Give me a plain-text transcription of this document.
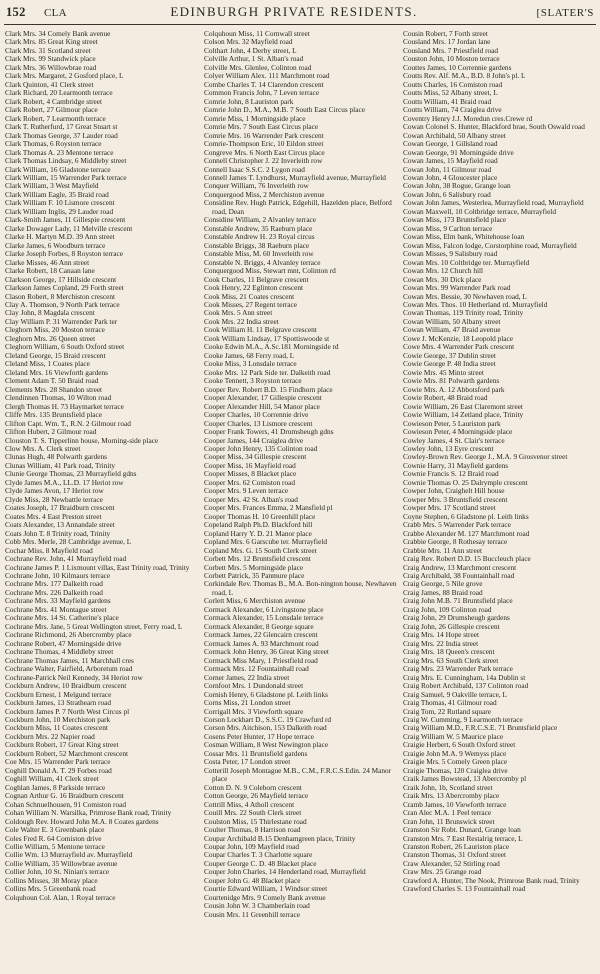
152	CLA	EDINBURGH PRIVATE RESIDENTS.	[SLATER'S
Clark Mrs. 34 Comely Bank avenue
Clark Mrs. 85 Great King street
Clark Mrs. 31 Scotland street
Clark Mrs. 99 Standwick place
Clark Mrs. 36 Willowbrae road
Clark Mrs. Margaret, 2 Gosford place, L
Clark Quinton, 41 Clerk street
Clark Richard, 20 Learmonth terrace
Clark Robert, 4 Cambridge street
Clark Robert, 27 Gilmour place
Clark Robert, 7 Learmonth terrace
Clark T. Rutherfurd, 17 Great Stuart st
Clark Thomas George, 37 Lauder road
Clark Thomas, 6 Royston terrace
Clark Thomas A. 23 Mentone terrace
Clark Thomas Lindsay, 6 Middleby street
Clark William, 16 Gladstone terrace
Clark William, 15 Warrender Park terrace
Clark William, 3 West Mayfield
Clark William Eagle, 35 Braid road
Clark William F. 10 Lismore crescent
Clark William Inglis, 29 Lauder road
Clark-Smith James, 11 Gillespie crescent
Clarke Dowager Lady, 11 Melville crescent
Clarke H. Martyn M.D. 39 Ann street
Clarke James, 6 Woodburn terrace
Clarke Joseph Forbes, 8 Royston terrace
Clarke Misses, 46 Ann street
Clarke Robert, 18 Canaan lane
Clarkson George, 17 Hillside crescent
Clarkson James Copland, 29 Forth street
Clason Robert, 8 Merchiston crescent
Clay A. Thomson, 9 North Park terrace
Clay John, 8 Magdala crescent
Clay William P. 31 Warrender Park ter
Cleghorn Miss, 20 Moston terrace
Cleghorn Mrs. 26 Queen street
Cleghorn William, 6 South Oxford street
Cleland George, 15 Braid crescent
Cleland Miss, 1 Coates place
Cleland Mrs. 16 Viewforth gardens
Clement Adam T. 50 Braid road
Clements Mrs. 28 Shandon street
Clendinnen Thomas, 10 Wilton road
Clergh Thomas H. 73 Haymarket terrace
Cliffe Mrs. 135 Bruntsfield place
Clifton Capt. Wm. T., R.N. 2 Gilmour road
Clifton Hubert, 2 Gilmour road
Clouston T. S. Tipperlinn house, Morning-side place
Clow Mrs. A. Clerk street
Clunas Hugh, 48 Polwarth gardens
Clunas William, 41 Park road, Trinity
Clunie George Thomas, 23 Murrayfield gdns
Clyde James M.A., LL.D. 17 Heriot row
Clyde James Avon, 17 Heriot row
Clyde Miss, 28 Newbattle terrace
Coates Joseph, 17 Braidburn crescent
Coates Mrs. 4 East Preston street
Coats Alexander, 13 Annandale street
Coats John T. 8 Trinity road, Trinity
Cobb Mrs. Merle, 28 Cambridge avenue, L
Cochar Miss, 8 Mayfield road
Cochrane Rev. John, 41 Murrayfield road
Cochrane James P. 1 Lixmount villas, East Trinity road, Trinity
Cochrane John, 10 Kilmaurs terrace
Cochrane Mrs. 177 Dalkeith road
Cochrane Mrs. 226 Dalkeith road
Cochrane Mrs. 33 Mayfield gardens
Cochrane Mrs. 41 Montague street
Cochrane Mrs. 14 St. Catherine's place
Cochrane Mrs. Jane, 5 Great Wellington street, Ferry road, L
Cochrane Richmond, 26 Abercromby place
Cochrane Robert, 47 Morningside drive
Cochrane Thomas, 4 Middleby street
Cochrane Thomas James, 11 Marchhall cres
Cochrane Walter, Fairfield, Arboretum road
Cochrane-Patrick Neil Kennedy, 34 Heriot row
Cockburn Andrew, 10 Braidburn crescent
Cockburn Ernest, 1 Melgund terrace
Cockburn James, 13 Strathearn road
Cockburn James P. 7 North West Circus pl
Cockburn John, 10 Merchiston park
Cockburn Miss, 11 Coates crescent
Cockburn Mrs. 22 Napier road
Cockburn Robert, 17 Great King street
Cockburn Robert, 52 Marchmont crescent
Coe Mrs. 15 Warrender Park terrace
Coghill Donald A. T. 29 Forbes road
Coghill William, 41 Clerk street
Coghlan James, 8 Parkside terrace
Cognan Arthur G. 16 Braidburn crescent
Cohan Schnuelhousen, 91 Comiston road
Cohan William N. Warsilka, Primrose Bank road, Trinity
Coldough Rev. Howard John M.A. 8 Coates gardens
Cole Walter E. 3 Greenbank place
Coles Fred R. 64 Comiston drive
Collie William, 5 Mentone terrace
Collie Wm. 13 Murrayfield av. Murrayfield
Collie William, 35 Willowbrae avenue
Collier John, 10 St. Ninian's terrace
Collins Misses, 38 Moray place
Collins Mrs. 5 Greenbank road
Colquhoun Col. Alan, 1 Royal terrace
Colquhoun Miss, 11 Cornwall street
Colson Mrs. 32 Mayfield road
Colthart John, 4 Derby street, L
Colville Arthur, 1 St. Alban's road
Colville Mrs. Glenlee, Colinton road
Colyer William Alex. 111 Marchmont road
Combe Charles T. 14 Clarendon crescent
Common Francis John, 7 Leven terrace
Comrie John, 8 Lauriston park
Comrie John D., M.A., M.B. 7 South East Circus place
Comrie Miss, 1 Morningside place
Comrie Mrs. 7 South East Circus place
Comrie Mrs. 16 Warrender Park crescent
Comrie-Thompson Eric, 10 Eildon street
Congreve Mrs. 6 North East Circus place
Connell Christopher J. 22 Inverleith row
Connell Isaac S.S.C. 2 Lygon road
Connell James T. Lyndhurst, Murrayfield avenue, Murrayfield
Conquer William, 76 Inverleith row
Conquergood Miss, 2 Merchiston avenue
Considine Rev. Hugh Patrick, Edgehill, Hazelden place, Belford road, Dean
Considine William, 2 Alvanley terrace
Constable Andrew, 35 Raeburn place
Constable Andrew H. 23 Royal circus
Constable Briggs, 38 Raeburn place
Constable Miss, M. 60 Inverleith row
Constable N. Briggs, 4 Alvanley terrace
Conquergood Miss, Stewart mnt, Colinton rd
Cook Charles, 11 Belgrave crescent
Cook Henry, 22 Eglinton crescent
Cook Miss, 21 Coates crescent
Cook Misses, 27 Regent terrace
Cook Mrs. 5 Ann street
Cook Mrs. 22 India street
Cook William H. 11 Belgrave crescent
Cook William Lindsay, 17 Spottiswoode st
Cooke Edwin M.A., A.Sc.181 Morningside rd
Cooke James, 68 Ferry road, L
Cooke Miss, 3 Lonsdale terrace
Cooke Mrs. 12 Park Side ter. Dalkeith road
Cooke Tennett, 3 Royston terrace
Cooper Rev. Robert B.D. 15 Findhorn place
Cooper Alexander, 17 Gillespie crescent
Cooper Alexander Hill, 54 Manor place
Cooper Charles, 10 Corrennie drive
Cooper Charles, 13 Lismore crescent
Cooper Frank Towers, 41 Drumsheugh gdns
Cooper James, 144 Craiglea drive
Cooper John Henry, 135 Colinton road
Cooper Miss, 34 Gillespie crescent
Cooper Miss, 16 Mayfield road
Cooper Misses, 8 Blacket place
Cooper Mrs. 62 Comiston road
Cooper Mrs. 9 Leven terrace
Cooper Mrs. 42 St. Alban's road
Cooper Mrs. Frances Emma, 2 Mansfield pl
Cooper Thomas H. 10 Greenhill place
Copeland Ralph Ph.D. Blackford hill
Copland Harry Y. D. 21 Manor place
Copland Mrs. 6 Garscube ter. Murrayfield
Copland Mrs. G. 15 South Clerk street
Corbett Mrs. 12 Bruntsfield crescent
Corbett Mrs. 5 Morningside place
Corbett Patrick, 35 Panmure place
Corkindale Rev. Thomas B., M.A. Bon-nington house, Newhaven road, L
Corlett Miss, 6 Merchiston avenue
Cormack Alexander, 6 Livingstone place
Cormack Alexander, 15 Lonsdale terrace
Cormack Alexander, 8 George square
Cormack James, 22 Glencairn crescent
Cormack James A. 93 Marchmont road
Cormack John Henry, 36 Great King street
Cormack Miss Mary, 1 Priestfield road
Cormack Mrs. 12 Fountainhall road
Corner James, 22 India street
Cornfoot Mrs. 1 Dundonald street
Cornish Henry, 6 Gladstone pl. Leith links
Corns Miss, 21 London street
Corrigall Mrs. 3 Viewforth square
Corson Lockhart D., S.S.C. 19 Crawfurd rd
Corson Mrs. Aitchison, 153 Dalkeith road
Cosens Peter Hunter, 17 Hope terrace
Cosman William, 8 West Newington place
Cossar Mrs. 11 Bruntsfield gardens
Costa Peter, 17 London street
Cotterill Joseph Montague M.B., C.M., F.R.C.S.Edin. 24 Manor place
Cotton D. N. 9 Coleborn crescent
Cotton George, 26 Mayfield terrace
Cottrill Miss, 4 Atholl crescent
Couill Mrs. 22 South Clerk street
Coulston Miss, 15 Thirlestane road
Coulter Thomas, 8 Harrison road
Coupar Archibald B.15 Denhamgreen place, Trinity
Coupar John, 109 Mayfield road
Coupar Charles T. 3 Charlotte square
Couper George C. D. 48 Blacket place
Couper John Charles, 14 Henderland road, Murrayfield
Couper John G. 48 Blacket place
Courtie Edward William, 1 Windsor street
Courtenidge Mrs. 9 Comely Bank avenue
Cousin John W. 3 Chamberlain road
Cousin Mrs. 11 Greenhill terrace
Cousin Robert, 7 Forth street
Cousland Mrs. 17 Jordan lane
Cousland Mrs. 7 Priestfield road
Couston John, 10 Moston terrace
Couttes James, 10 Corrennie gardens
Coutts Rev. Alf. M.A., B.D. 8 John's pl. L
Coutts Charles, 16 Comiston road
Coutts Miss, 52 Albany street, L
Coutts William, 41 Braid road
Coutts William, 74 Craiglea drive
Coventry Henry J.J. Moredun cres.Crewe rd
Cowan Colonel S. Hunter, Blackford brae, South Oswald road
Cowan Archibald, 50 Albany street
Cowan George, 1 Gillsland road
Cowan George, 91 Morningside drive
Cowan James, 15 Mayfield road
Cowan John, 11 Gilmour road
Cowan John, 4 Gloucester place
Cowan John, 38 Rogue, Grange loan
Cowan John, 6 Salisbury road
Cowan John James, Westerlea, Murrayfield road, Murrayfield
Cowan Maxwell, 10 Coltbridge terrace, Murrayfield
Cowan Miss, 173 Bruntsfield place
Cowan Miss, 9 Carlton terrace
Cowan Miss, Elm bank, Whitehouse loan
Cowan Miss, Falcon lodge, Corstorphine road, Murrayfield
Cowan Misses, 9 Salisbury road
Cowan Mrs. 10 Coltbridge ter. Murrayfield
Cowan Mrs. 12 Church hill
Cowan Mrs. 30 Dick place
Cowan Mrs. 99 Warrender Park road
Cowan Mrs. Bessie, 30 Newhaven road, L
Cowan Mrs. Thos. 10 Hetherland rd. Murrayfield
Cowan Thomas, 119 Trinity road, Trinity
Cowan William, 50 Albany street
Cowan William, 47 Braid avenue
Cowe J. McKenzie, 18 Leopold place
Cowe Mrs. 4 Warrender Park crescent
Cowie George, 37 Dublin street
Cowie George P. 48 India street
Cowie Mrs. 45 Minto street
Cowie Mrs. 81 Polwarth gardens
Cowie Mrs. A. 12 Abbotsford park
Cowie Robert, 48 Braid road
Cowie William, 26 East Claremont street
Cowie William, 14 Zetland place, Trinity
Cowieson Peter, 5 Lauriston park
Cowieson Peter, 4 Morningside place
Cowley James, 4 St. Clair's terrace
Cowley John, 13 Eyre crescent
Cowley-Brown Rev. George J., M.A. 9 Grosvenor street
Cownie Harry, 31 Mayfield gardens
Cownie Francis S. 12 Braid road
Cownie Thomas O. 25 Dalrymple crescent
Cowper John, Craighelt Hill house
Cowper Mrs. 3 Bruntsfield crescent
Cowper Mrs. 17 Scotland street
Coyne Stephen, 6 Gladstone pl. Leith links
Crabb Mrs. 5 Warrender Park terrace
Crabbe Alexander M. 127 Marchmont road
Crabbie George, 8 Rothesay terrace
Crabbie Mrs. 11 Ann street
Craig Rev. Robert D.D. 15 Buccleuch place
Craig Andrew, 13 Marchmont crescent
Craig Archibald, 38 Fountainhall road
Craig George, 5 Nile grove
Craig James, 88 Braid road
Craig John M.B. 71 Bruntsfield place
Craig John, 109 Colinton road
Craig John, 29 Drumsheugh gardens
Craig John, 26 Gillespie crescent
Craig Mrs. 14 Hope street
Craig Mrs. 22 India street
Craig Mrs. 18 Queen's crescent
Craig Mrs. 63 South Clerk street
Craig Mrs. 23 Warrender Park terrace
Craig Mrs. E. Cunningham, 14a Dublin st
Craig Robert Archibald, 137 Colinton road
Craig Samuel, 9 Oakville terrace, L
Craig Thomas, 41 Gilmour road
Craig Tom, 22 Rutland square
Craig W. Cumming, 9 Learmonth terrace
Craig William M.D., F.R.C.S.E. 71 Bruntsfield place
Craig William W. 5 Maurice place
Craigie Herbert, 6 South Oxford street
Craigie John M.A. 9 Wemyss place
Craigie Mrs. 5 Comely Green place
Craigie Thomas, 120 Craiglea drive
Craik James Bowstead, 13 Abercromby pl
Craik John, 1b, Scotland street
Craik Mrs. 13 Abercromby place
Cramb James, 10 Viewforth terrace
Cran Alec M.A. 1 Peel terrace
Cran John, 11 Brunswick street
Cranston Sir Robt. Dunard, Grange loan
Cranston Mrs. 7 East Restalrig terrace, L
Cranston Robert, 26 Lauriston place
Cranston Thomas, 31 Oxford street
Craw Alexander, 52 Stirling road
Craw Mrs. 25 Grange road
Crawford A. Hunter, The Nook, Primrose Bank road, Trinity
Crawford Charles S. 13 Fountainhall road
